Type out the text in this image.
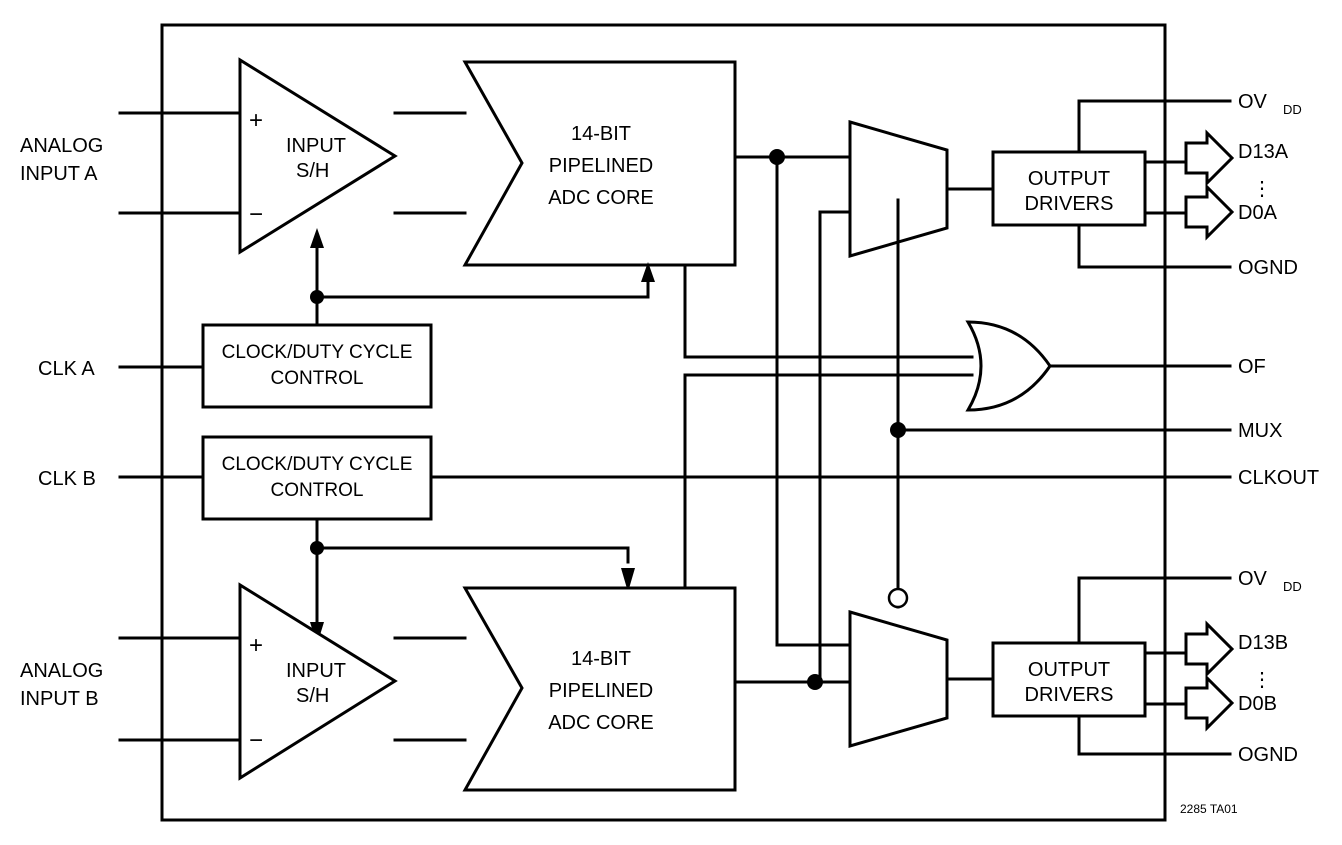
+
−
INPUT
S/H
14-BIT
PIPELINED
ADC CORE
CLOCK/DUTY CYCLE
CONTROL
CLOCK/DUTY CYCLE
CONTROL
+
−
INPUT
S/H
14-BIT
PIPELINED
ADC CORE
OUTPUT
DRIVERS
OUTPUT
DRIVERS
ANALOG
INPUT A
CLK A
CLK B
ANALOG
INPUT B
OV DD
D13A
⋮
D0A
OGND
OF
MUX
CLKOUT
OV DD
D13B
⋮
D0B
OGND
2285 TA01
